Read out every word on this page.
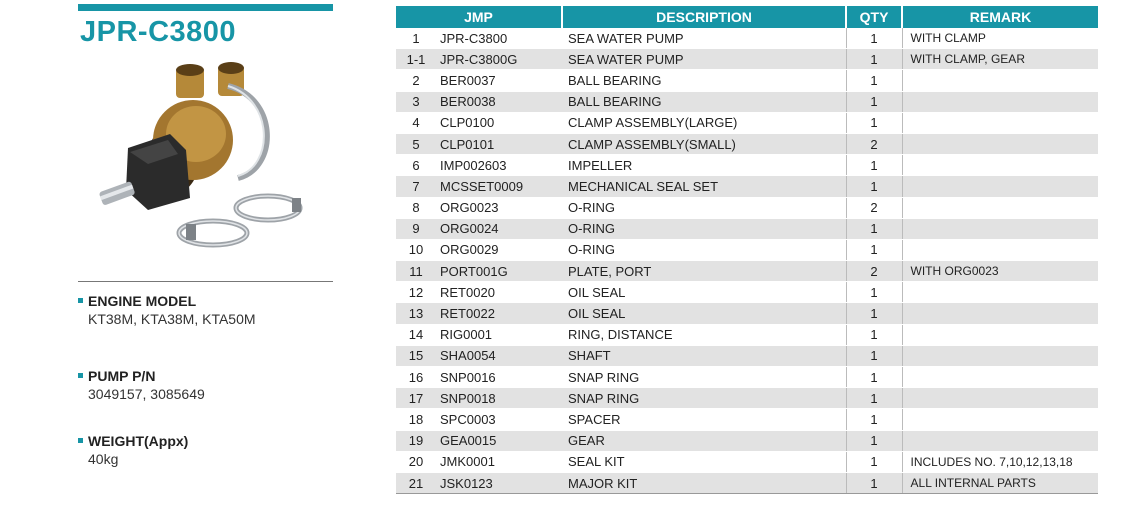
JPR-C3800
ENGINE MODEL
KT38M, KTA38M, KTA50M
PUMP P/N
3049157, 3085649
WEIGHT(Appx)
40kg
JMP		DESCRIPTION	QTY	REMARK
1	JPR-C3800	SEA WATER PUMP	1	WITH CLAMP
1-1	JPR-C3800G	SEA WATER PUMP	1	WITH CLAMP, GEAR
2	BER0037	BALL BEARING	1	
3	BER0038	BALL BEARING	1	
4	CLP0100	CLAMP ASSEMBLY(LARGE)	1	
5	CLP0101	CLAMP ASSEMBLY(SMALL)	2	
6	IMP002603	IMPELLER	1	
7	MCSSET0009	MECHANICAL SEAL SET	1	
8	ORG0023	O-RING	2	
9	ORG0024	O-RING	1	
10	ORG0029	O-RING	1	
11	PORT001G	PLATE, PORT	2	WITH ORG0023
12	RET0020	OIL SEAL	1	
13	RET0022	OIL SEAL	1	
14	RIG0001	RING, DISTANCE	1	
15	SHA0054	SHAFT	1	
16	SNP0016	SNAP RING	1	
17	SNP0018	SNAP RING	1	
18	SPC0003	SPACER	1	
19	GEA0015	GEAR	1	
20	JMK0001	SEAL KIT	1	INCLUDES NO. 7,10,12,13,18
21	JSK0123	MAJOR KIT	1	ALL INTERNAL PARTS
